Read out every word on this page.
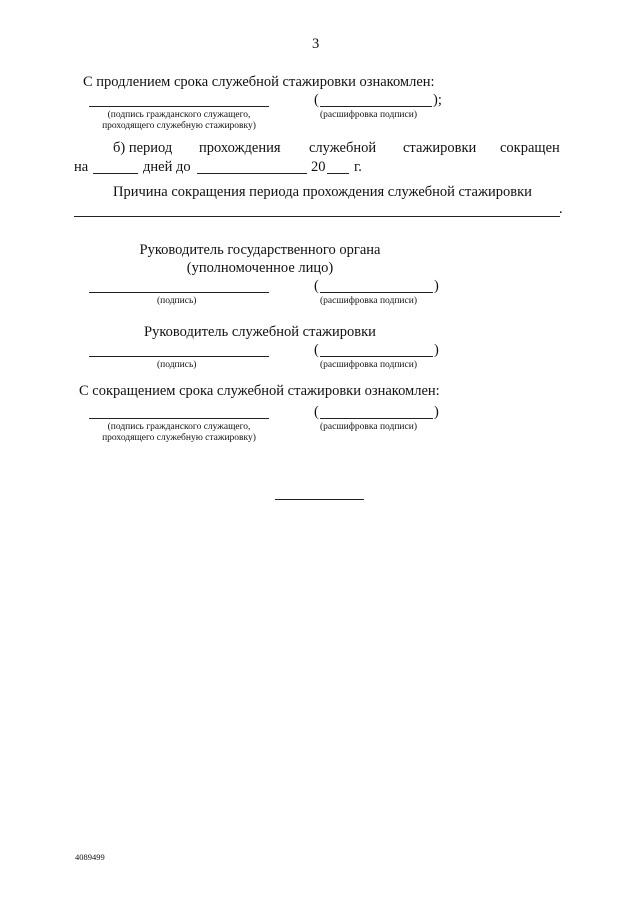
3
С продлением срока служебной стажировки ознакомлен:
(	);
(подпись гражданского служащего,
проходящего служебную стажировку)
(расшифровка подписи)
б) период прохождения служебной стажировки сокращен
на	дней до	20 г.
Причина сокращения периода прохождения служебной стажировки
.
Руководитель государственного органа
(уполномоченное лицо)
(	)
(подпись)	(расшифровка подписи)
Руководитель служебной стажировки
(	)
(подпись)	(расшифровка подписи)
С сокращением срока служебной стажировки ознакомлен:
(	)
(подпись гражданского служащего,
проходящего служебную стажировку)
(расшифровка подписи)
4089499
